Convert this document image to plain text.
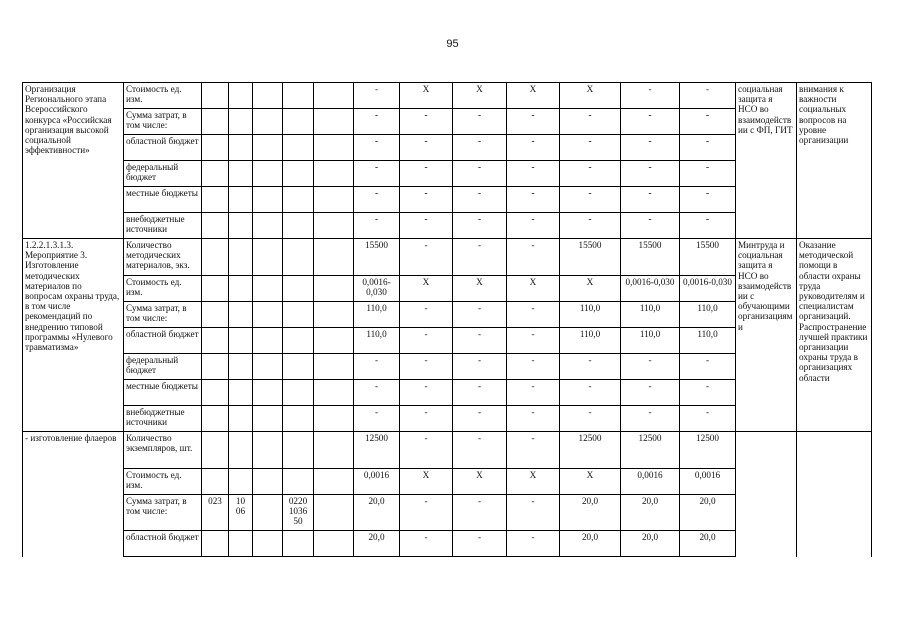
95
Организация Регионального этапа Всероссийского конкурса «Российская организация высокой социальной эффективности»	Стоимость ед. изм.						-	X	X	X	X	-	-	социальная защита я НСО во взаимодействии с ФП, ГИТ	внимания к важности социальных вопросов на уровне организации
	Сумма затрат, в том числе:						-	-	-	-	-	-	-		
	областной бюджет						-	-	-	-	-	-	-		
	федеральный бюджет						-	-	-	-	-	-	-		
	местные бюджеты						-	-	-	-	-	-	-		
	внебюджетные источники						-	-	-	-	-	-	-		
1.2.2.1.3.1.3. Мероприятие 3. Изготовление методических материалов по вопросам охраны труда, в том числе рекомендаций по внедрению типовой программы «Нулевого травматизма»	Количество методических материалов, экз.						15500	-	-	-	15500	15500	15500	Минтруда и социальная защита я НСО во взаимодействии с обучающими организациями	Оказание методической помощи в области охраны труда руководителям и специалистам организаций. Распространение лучшей практики организации охраны труда в организациях области
	Стоимость ед. изм.						0,0016-0,030	X	X	X	X	0,0016-0,030	0,0016-0,030		
	Сумма затрат, в том числе:						110,0	-	-	-	110,0	110,0	110,0		
	областной бюджет						110,0	-	-	-	110,0	110,0	110,0		
	федеральный бюджет						-	-	-	-	-	-	-		
	местные бюджеты						-	-	-	-	-	-	-		
	внебюджетные источники						-	-	-	-	-	-	-		
- изготовление флаеров	Количество экземпляров, шт.						12500	-	-	-	12500	12500	12500		
	Стоимость ед. изм.						0,0016	X	X	X	X	0,0016	0,0016		
	Сумма затрат, в том числе:	023	10 06		0220 1036 50		20,0	-	-	-	20,0	20,0	20,0		
	областной бюджет						20,0	-	-	-	20,0	20,0	20,0		
